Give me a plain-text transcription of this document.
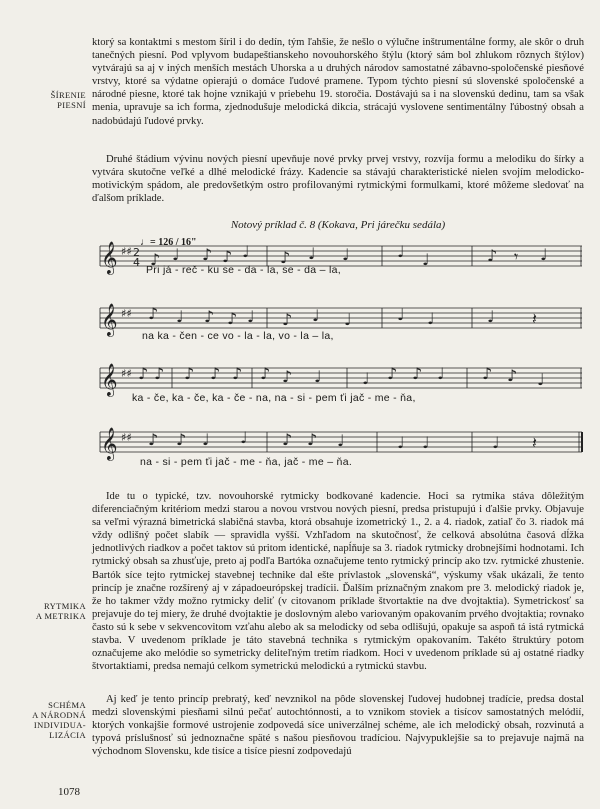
ŠÍRENIE
PIESNÍ
RYTMIKA
A METRIKA
SCHÉMA
A NÁRODNÁ
INDIVIDUA-
LIZÁCIA

ktorý sa kontaktmi s mestom šíril i do dedín, tým ľahšie, že nešlo o výlučne inštrumentálne formy, ale skôr o druh tanečných piesní. Pod vplyvom budapeštianskeho novouhorského štýlu (ktorý sám bol zhlukom rôznych štýlov) vytvárajú sa aj v iných menších mestách Uhorska a u druhých národov samostatné zábavno-spoločenské piesňové vrstvy, ktoré sa výdatne opierajú o domáce ľudové pramene. Typom týchto piesní sú slovenské spoločenské a národné piesne, ktoré tak hojne vznikajú v priebehu 19. storočia. Dostávajú sa i na slovenskú dedinu, tam sa však menia, upravuje sa ich forma, zjednodušuje melodická dikcia, strácajú vyslovene sentimentálny ľúbostný obsah a nadobúdajú ľudové prvky.

Druhé štádium vývinu nových piesní upevňuje nové prvky prvej vrstvy, rozvíja formu a melodiku do šírky a vytvára skutočne veľké a dlhé melodické frázy. Kadencie sa stávajú charakteristické nielen svojím melodicko-motivickým spádom, ale predovšetkým ostro profilovanými rytmickými formulkami, ktoré môžeme sledovať na ďalšom príklade.

Notový príklad č. 8 (Kokava, Pri járečku sedála)
♩= 126 / 16"
𝄞 ♯♯ 2
4 ♪ ♩ ♪ ♪ ♩ ♪ ♩ ♩	♩ ♩	♪ 𝄾 ♩
Pri já - reč - ku se - da - la, se - da – la,
𝄞 ♯♯ ♪ ♩ ♪ ♪ ♩ ♪ ♩ ♩	♩ ♩	♩ 𝄽
na ka - čen - ce vo - la - la, vo - la – la,
𝄞 ♯♯ ♪ ♪ ♪ ♪ ♪ ♪ ♪ ♩	♩ ♪ ♪ ♩ ♪ ♪ ♩
ka - če, ka - če, ka - če - na, na - si - pem ťi jač - me - ňa,
𝄞 ♯♯ ♪ ♪ ♩ ♩ ♪ ♪ ♩	♩ ♩	♩ 𝄽
na - si - pem ťi jač - me - ňa, jač - me – ňa.

Ide tu o typické, tzv. novouhorské rytmicky bodkované kadencie. Hoci sa rytmika stáva dôležitým diferenciačným kritériom medzi starou a novou vrstvou nových piesní, predsa pristupujú i ďalšie prvky. Objavuje sa veľmi výrazná bimetrická slabičná stavba, ktorá obsahuje izometrický 1., 2. a 4. riadok, zatiaľ čo 3. riadok má vždy odlišný počet slabík — spravidla vyšší. Vzhľadom na skutočnosť, že celková absolútna časová dĺžka jednotlivých riadkov a počet taktov sú pritom identické, napĺňuje sa 3. riadok rytmicky drobnejšími hodnotami. Ich rytmický obsah sa zhusťuje, preto aj podľa Bartóka označujeme tento rytmický princíp ako tzv. rytmické zhustenie. Bartók síce tejto rytmickej stavebnej technike dal ešte prívlastok „slovenská“, výskumy však ukázali, že tento princíp je značne rozšírený aj v západoeurópskej tradícii. Ďalším príznačným znakom pre 3. melodický riadok je, že ho takmer vždy možno rytmicky deliť (v citovanom príklade štvortaktie na dve dvojtaktia). Symetrickosť sa prejavuje do tej miery, že druhé dvojtaktie je doslovným alebo variovaným opakovaním prvého dvojtaktia; rovnako často sú k sebe v sekvencovitom vzťahu alebo ak sa melodicky od seba odlišujú, opakuje sa aspoň tá istá rytmická stavba. V uvedenom príklade je táto stavebná technika s rytmickým opakovaním. Takéto štruktúry potom označujeme ako melódie so symetricky deliteľným tretím riadkom. Hoci v uvedenom príklade sú aj ostatné riadky štvortaktiami, predsa nemajú celkom symetrickú melodickú a rytmickú stavbu.

Aj keď je tento princíp prebratý, keď nevznikol na pôde slovenskej ľudovej hudobnej tradície, predsa dostal medzi slovenskými piesňami silnú pečať autochtónnosti, a to vznikom stoviek a tisícov samostatných melódií, ktorých vonkajšie formové ustrojenie zodpovedá síce univerzálnej schéme, ale ich melodický obsah, rozvinutá a typová príslušnosť sú jednoznačne späté s našou piesňovou tradíciou. Najvypuklejšie sa to prejavuje najmä na východnom Slovensku, kde tisíce a tisíce piesní zodpovedajú

1078
